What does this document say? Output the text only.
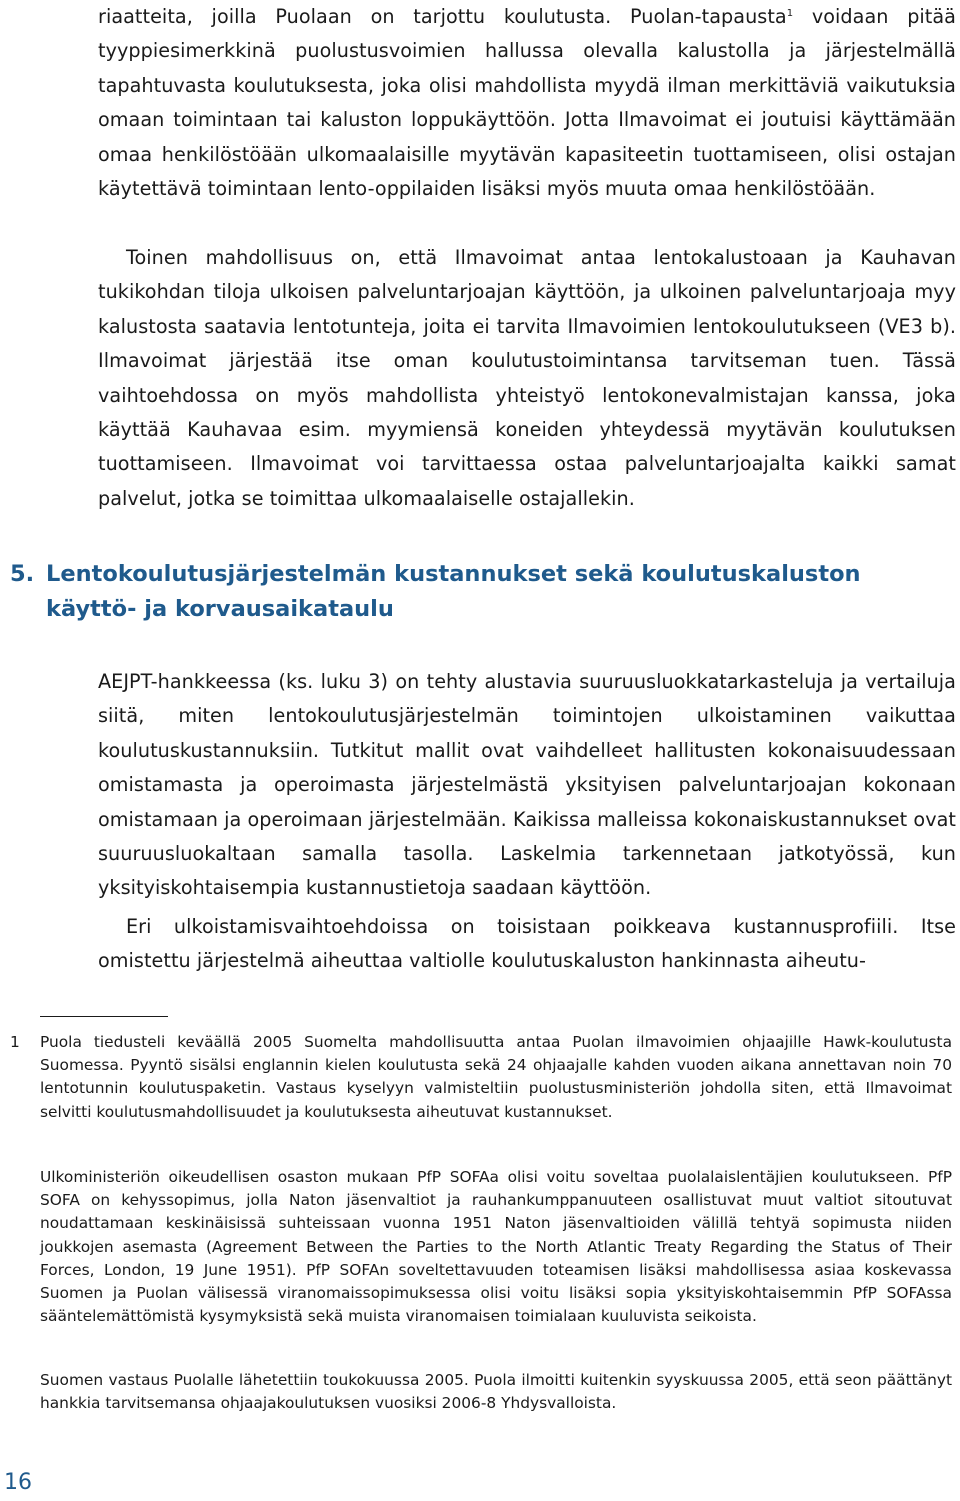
riaatteita, joilla Puolaan on tarjottu koulutusta. Puolan-tapausta$^1$ voidaan pitää tyyppiesimerkkinä puolustusvoimien hallussa olevalla kalustolla ja järjestelmällä tapahtuvasta koulutuksesta, joka olisi mahdollista myydä ilman merkittäviä vaikutuksia omaan toimintaan tai kaluston loppukäyttöön. Jotta Ilmavoimat ei joutuisi käyttämään omaa henkilöstöään ulkomaalaisille myytävän kapasiteetin tuottamiseen, olisi ostajan käytettävä toimintaan lento-oppilaiden lisäksi myös muuta omaa henkilöstöään.

Toinen mahdollisuus on, että Ilmavoimat antaa lentokalustoaan ja Kauhavan tukikohdan tiloja ulkoisen palveluntarjoajan käyttöön, ja ulkoinen palveluntarjoaja myy kalustosta saatavia lentotunteja, joita ei tarvita Ilmavoimien lentokoulutukseen (VE3 b). Ilmavoimat järjestää itse oman koulutustoimintansa tarvitseman tuen. Tässä vaihtoehdossa on myös mahdollista yhteistyö lentokonevalmistajan kanssa, joka käyttää Kauhavaa esim. myymiensä koneiden yhteydessä myytävän koulutuksen tuottamiseen. Ilmavoimat voi tarvittaessa ostaa palveluntarjoajalta kaikki samat palvelut, jotka se toimittaa ulkomaalaiselle ostajallekin.

5. Lentokoulutusjärjestelmän kustannukset sekä koulutuskaluston
käyttö- ja korvausaikataulu

AEJPT-hankkeessa (ks. luku 3) on tehty alustavia suuruusluokkatarkasteluja ja vertailuja siitä, miten lentokoulutusjärjestelmän toimintojen ulkoistaminen vaikuttaa koulutuskustannuksiin. Tutkitut mallit ovat vaihdelleet hallitusten kokonaisuudessaan omistamasta ja operoimasta järjestelmästä yksityisen palveluntarjoajan kokonaan omistamaan ja operoimaan järjestelmään. Kaikissa malleissa kokonaiskustannukset ovat suuruusluokaltaan samalla tasolla. Laskelmia tarkennetaan jatkotyössä, kun yksityiskohtaisempia kustannustietoja saadaan käyttöön.

Eri ulkoistamisvaihtoehdoissa on toisistaan poikkeava kustannusprofiili. Itse omistettu järjestelmä aiheuttaa valtiolle koulutuskaluston hankinnasta aiheutu-

1 Puola tiedusteli keväällä 2005 Suomelta mahdollisuutta antaa Puolan ilmavoimien ohjaajille Hawk-koulutusta Suomessa. Pyyntö sisälsi englannin kielen koulutusta sekä 24 ohjaajalle kahden vuoden aikana annettavan noin 70 lentotunnin koulutuspaketin. Vastaus kyselyyn valmisteltiin puolustusministeriön johdolla siten, että Ilmavoimat selvitti koulutusmahdollisuudet ja koulutuksesta aiheutuvat kustannukset.

Ulkoministeriön oikeudellisen osaston mukaan PfP SOFAa olisi voitu soveltaa puolalaislentäjien koulutukseen. PfP SOFA on kehyssopimus, jolla Naton jäsenvaltiot ja rauhankumppanuuteen osallistuvat muut valtiot sitoutuvat noudattamaan keskinäisissä suhteissaan vuonna 1951 Naton jäsenvaltioiden välillä tehtyä sopimusta niiden joukkojen asemasta (Agreement Between the Parties to the North Atlantic Treaty Regarding the Status of Their Forces, London, 19 June 1951). PfP SOFAn soveltettavuuden toteamisen lisäksi mahdollisessa asiaa koskevassa Suomen ja Puolan välisessä viranomaissopimuksessa olisi voitu lisäksi sopia yksityiskohtaisemmin PfP SOFAssa sääntelemättömistä kysymyksistä sekä muista viranomaisen toimialaan kuuluvista seikoista.

Suomen vastaus Puolalle lähetettiin toukokuussa 2005. Puola ilmoitti kuitenkin syyskuussa 2005, että seon päättänyt hankkia tarvitsemansa ohjaajakoulutuksen vuosiksi 2006-8 Yhdysvalloista.

16
